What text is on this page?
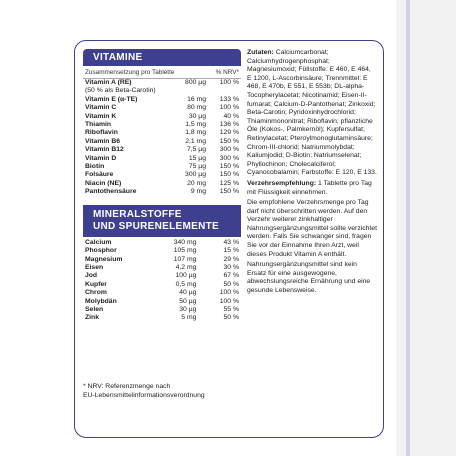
VITAMINE
Zusammensetzung pro Tablette	% NRV*
Vitamin A (RE)	800 µg	100 %
(50 % als Beta-Carotin)		
Vitamin E (α-TE)	16 mg	133 %
Vitamin C	80 mg	100 %
Vitamin K	30 µg	40 %
Thiamin	1,5 mg	136 %
Riboflavin	1,8 mg	129 %
Vitamin B6	2,1 mg	150 %
Vitamin B12	7,5 µg	300 %
Vitamin D	15 µg	300 %
Biotin	75 µg	150 %
Folsäure	300 µg	150 %
Niacin (NE)	20 mg	125 %
Pantothensäure	9 mg	150 %
MINERALSTOFFE
UND SPURENELEMENTE
Calcium	340 mg	43 %
Phosphor	105 mg	15 %
Magnesium	107 mg	29 %
Eisen	4,2 mg	30 %
Jod	100 µg	67 %
Kupfer	0,5 mg	50 %
Chrom	40 µg	100 %
Molybdän	50 µg	100 %
Selen	30 µg	55 %
Zink	5 mg	50 %

Zutaten: Calciumcarbonat; Calciumhydrogenphosphat; Magnesiumoxid; Füllstoffe: E 460, E 464, E 1200, L-Ascorbinsäure; Trennmittel: E 468, E 470b, E 551, E 553b; DL-alpha-Tocopherylacetat; Nicotinamid; Eisen-II-fumarat; Calcium-D-Pantothenat; Zinkoxid; Beta-Carotin; Pyridoxinhydrochlorid; Thiaminmononitrat; Riboflavin; pflanzliche Öle (Kokos-, Palmkernöl); Kupfersulfat; Retinylacetat; Pteroylmonoglutaminsäure; Chrom-III-chlorid; Natriummolybdat; Kaliumjodid; D-Biotin; Natriumselenat; Phyllochinon; Cholecalciferol; Cyanocobalamin; Farbstoffe: E 120, E 133.

Verzehrsempfehlung: 1 Tablette pro Tag mit Flüssigkeit einnehmen.

Die empfohlene Verzehrsmenge pro Tag darf nicht überschritten werden. Auf den Verzehr weiterer zinkhaltiger Nahrungsergänzungsmittel sollte verzichtet werden. Falls Sie schwanger sind, fragen Sie vor der Einnahme Ihren Arzt, weil dieses Produkt Vitamin A enthält.

Nahrungsergänzungsmittel sind kein Ersatz für eine ausgewogene, abwechslungsreiche Ernährung und eine gesunde Lebensweise.

* NRV: Referenzmenge nach
EU-Lebensmittelinformationsverordnung
